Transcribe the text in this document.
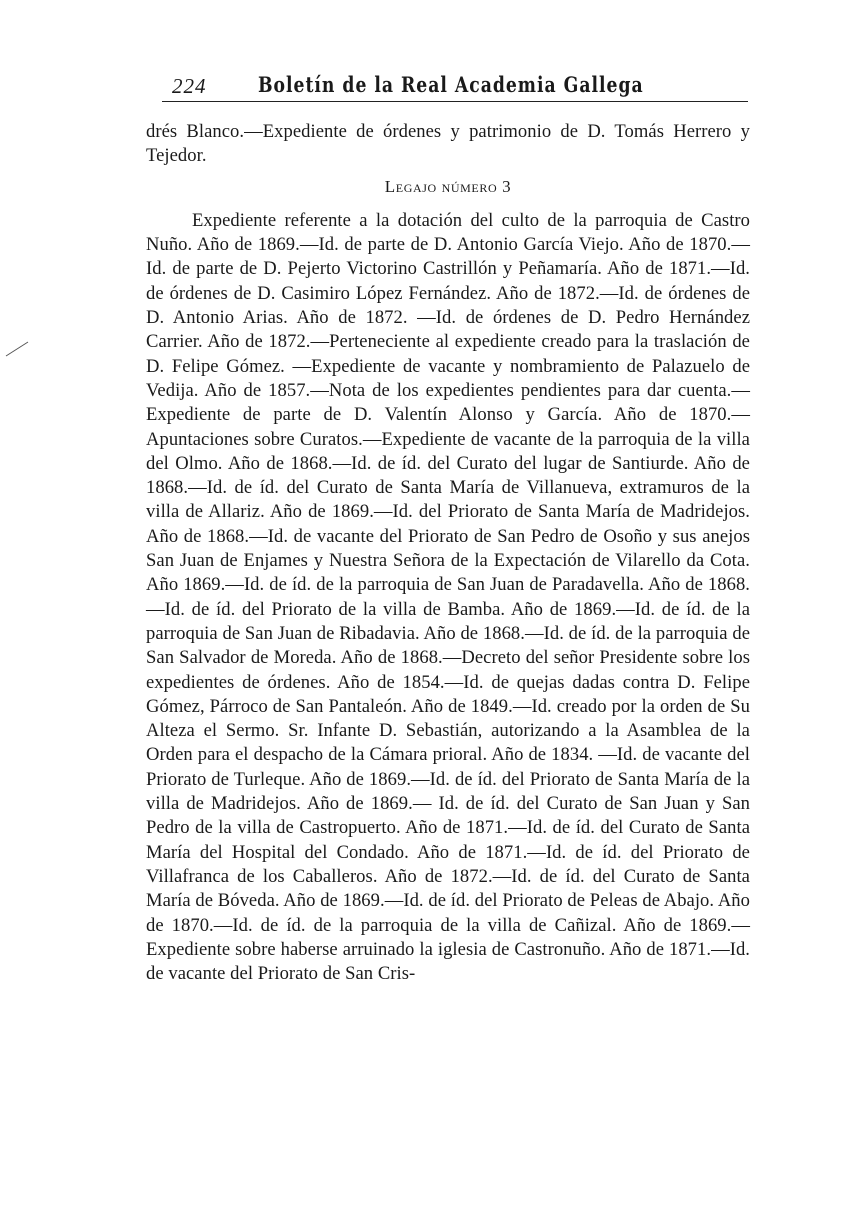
224 Boletín de la Real Academia Gallega

drés Blanco.—Expediente de órdenes y patrimonio de D. Tomás Herrero y Tejedor.

Legajo número 3

Expediente referente a la dotación del culto de la parroquia de Castro Nuño. Año de 1869.—Id. de parte de D. Antonio García Viejo. Año de 1870.—Id. de parte de D. Pejerto Victorino Castrillón y Peñamaría. Año de 1871.—Id. de órdenes de D. Casimiro López Fernández. Año de 1872.—Id. de órdenes de D. Antonio Arias. Año de 1872. —Id. de órdenes de D. Pedro Hernández Carrier. Año de 1872.—Perteneciente al expediente creado para la traslación de D. Felipe Gómez. —Expediente de vacante y nombramiento de Palazuelo de Vedija. Año de 1857.—Nota de los expedientes pendientes para dar cuenta.— Expediente de parte de D. Valentín Alonso y García. Año de 1870.— Apuntaciones sobre Curatos.—Expediente de vacante de la parroquia de la villa del Olmo. Año de 1868.—Id. de íd. del Curato del lugar de Santiurde. Año de 1868.—Id. de íd. del Curato de Santa María de Villanueva, extramuros de la villa de Allariz. Año de 1869.—Id. del Priorato de Santa María de Madridejos. Año de 1868.—Id. de vacante del Priorato de San Pedro de Osoño y sus anejos San Juan de Enjames y Nuestra Señora de la Expectación de Vilarello da Cota. Año 1869.—Id. de íd. de la parroquia de San Juan de Paradavella. Año de 1868.—Id. de íd. del Priorato de la villa de Bamba. Año de 1869.—Id. de íd. de la parroquia de San Juan de Ribadavia. Año de 1868.—Id. de íd. de la parroquia de San Salvador de Moreda. Año de 1868.—Decreto del señor Presidente sobre los expedientes de órdenes. Año de 1854.—Id. de quejas dadas contra D. Felipe Gómez, Párroco de San Pantaleón. Año de 1849.—Id. creado por la orden de Su Alteza el Sermo. Sr. Infante D. Sebastián, autorizando a la Asamblea de la Orden para el despacho de la Cámara prioral. Año de 1834. —Id. de vacante del Priorato de Turleque. Año de 1869.—Id. de íd. del Priorato de Santa María de la villa de Madridejos. Año de 1869.— Id. de íd. del Curato de San Juan y San Pedro de la villa de Castropuerto. Año de 1871.—Id. de íd. del Curato de Santa María del Hospital del Condado. Año de 1871.—Id. de íd. del Priorato de Villafranca de los Caballeros. Año de 1872.—Id. de íd. del Curato de Santa María de Bóveda. Año de 1869.—Id. de íd. del Priorato de Peleas de Abajo. Año de 1870.—Id. de íd. de la parroquia de la villa de Cañizal. Año de 1869.—Expediente sobre haberse arruinado la iglesia de Castronuño. Año de 1871.—Id. de vacante del Priorato de San Cris-
